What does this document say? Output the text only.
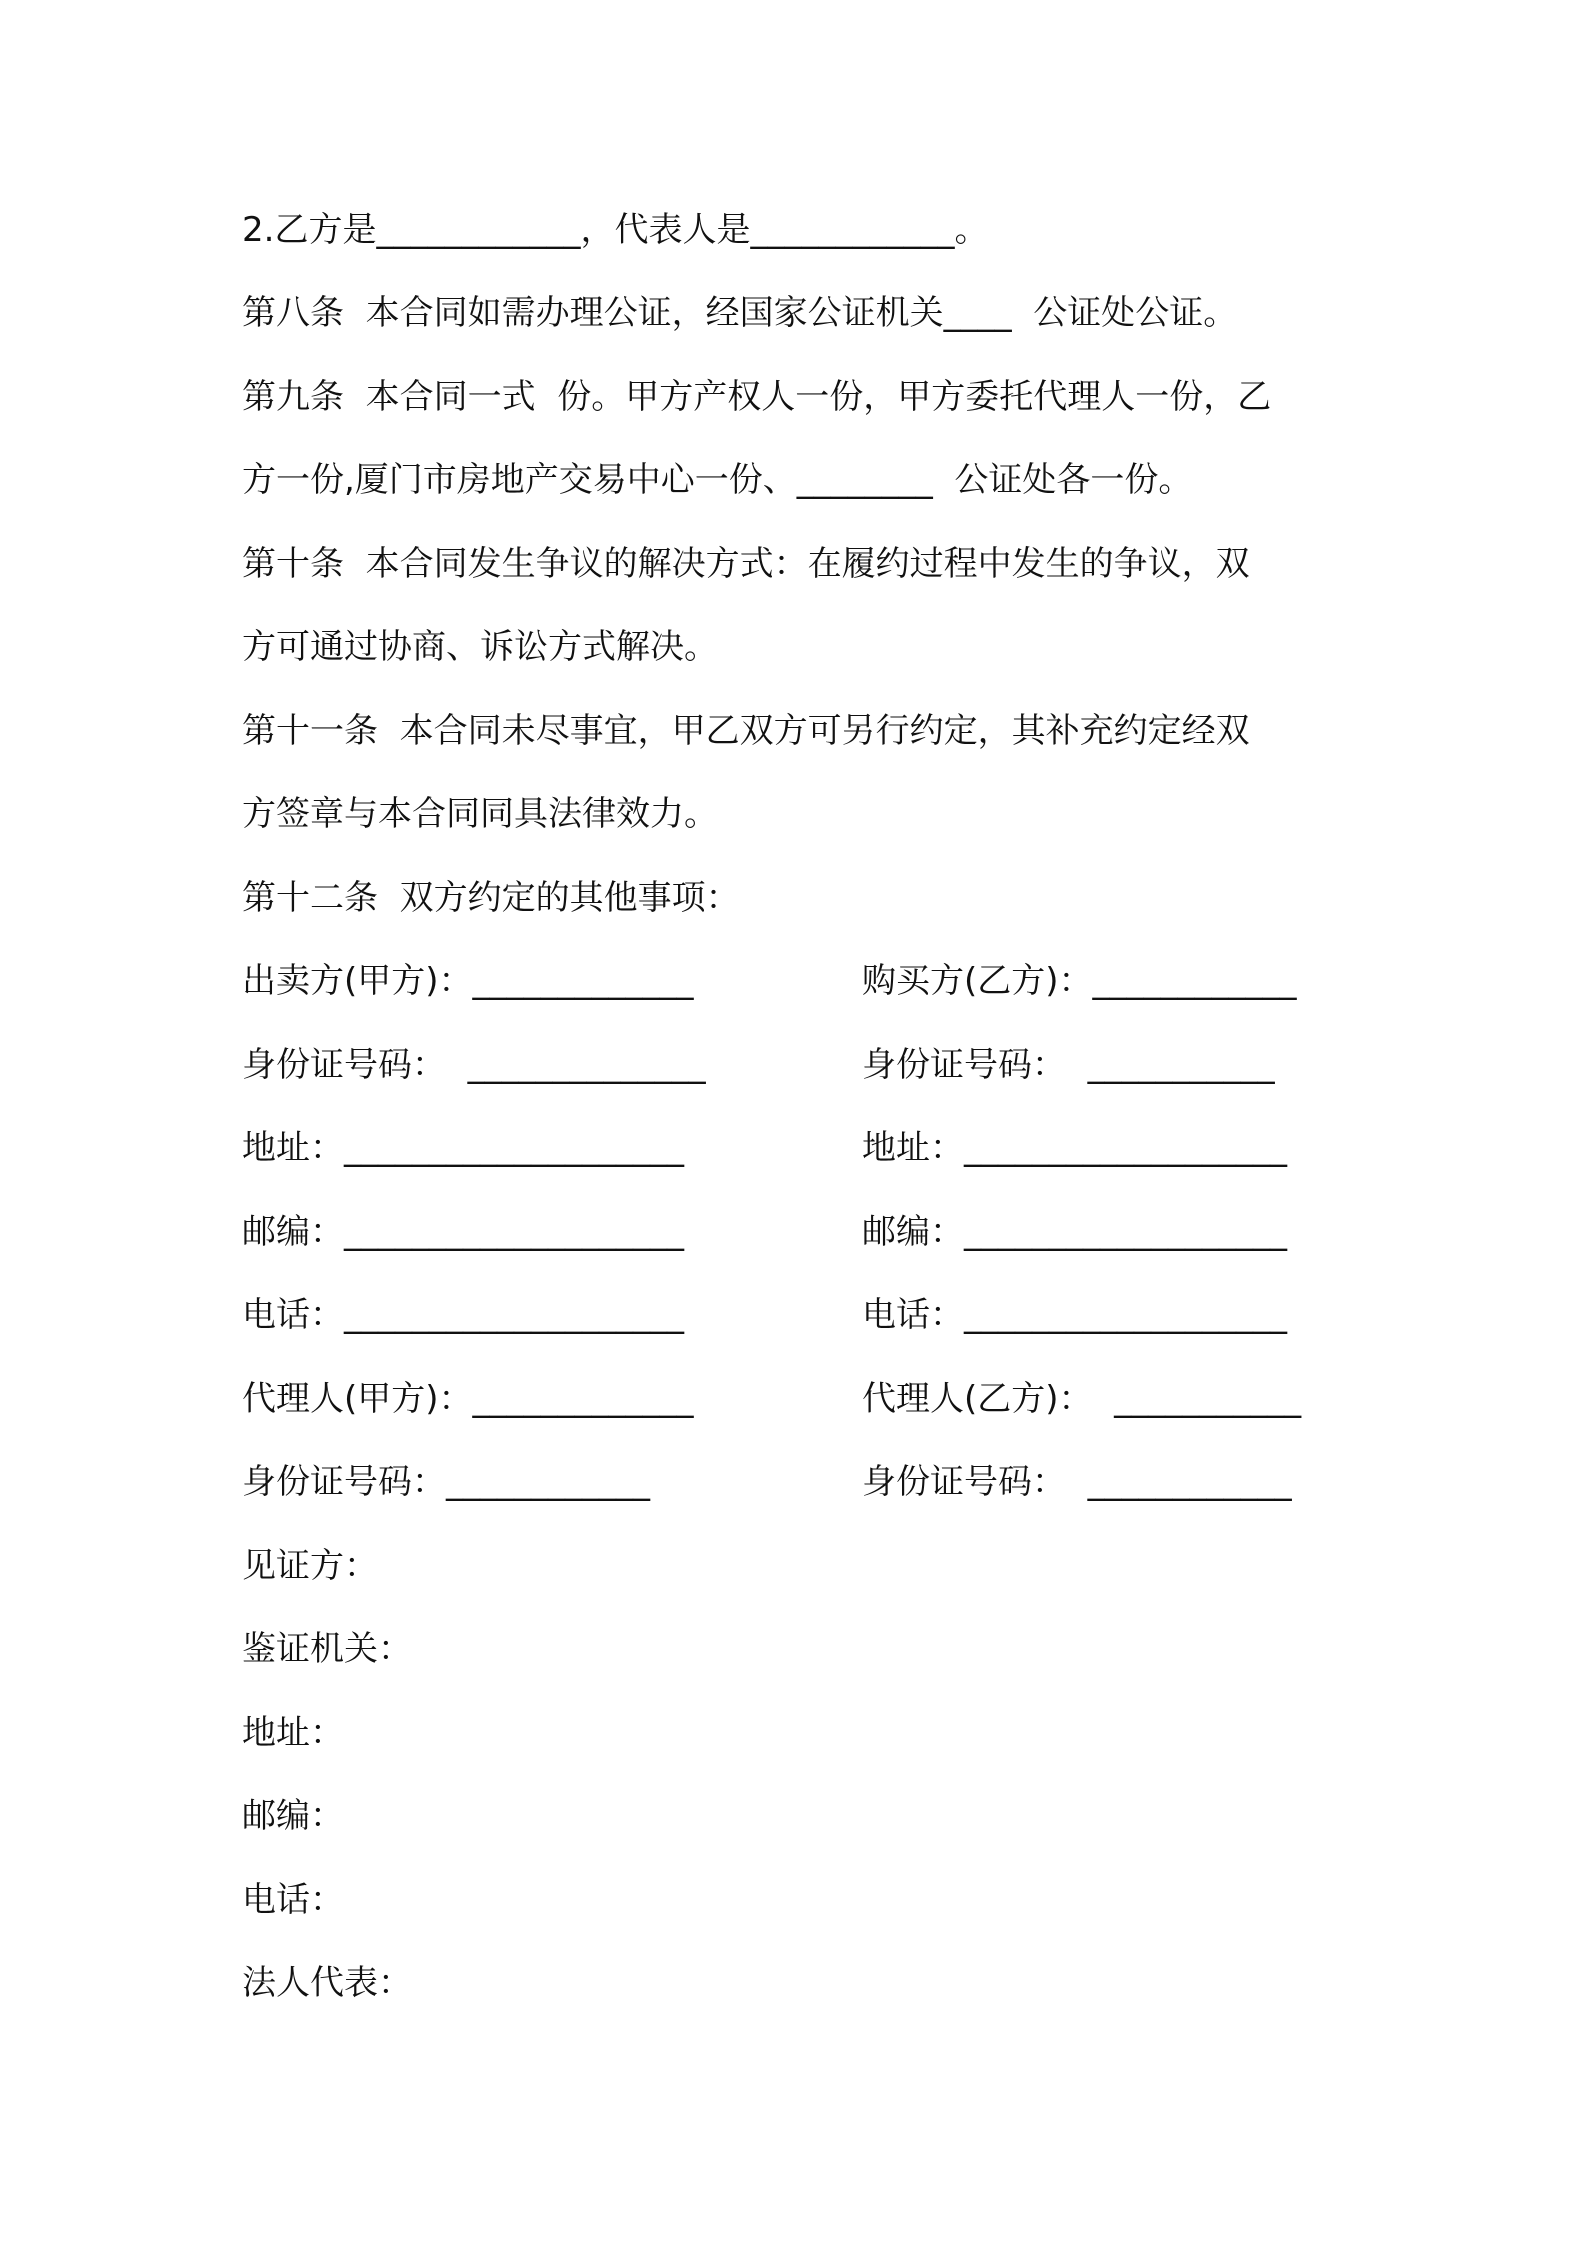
2.乙方是____________，代表人是____________。
第八条  本合同如需办理公证，经国家公证机关____  公证处公证。
第九条  本合同一式  份。甲方产权人一份，甲方委托代理人一份，乙
方一份,厦门市房地产交易中心一份、________  公证处各一份。
第十条  本合同发生争议的解决方式：在履约过程中发生的争议，双
方可通过协商、诉讼方式解决。
第十一条  本合同未尽事宜，甲乙双方可另行约定，其补充约定经双
方签章与本合同同具法律效力。
第十二条  双方约定的其他事项：
出卖方(甲方)：_____________	购买方(乙方)：____________
身份证号码：  ______________	身份证号码：  ___________
地址：____________________	地址：___________________
邮编：____________________	邮编：___________________
电话：____________________	电话：___________________
代理人(甲方)：_____________	代理人(乙方)：  ___________
身份证号码：____________	身份证号码：  ____________
见证方：
鉴证机关：
地址：
邮编：
电话：
法人代表：
